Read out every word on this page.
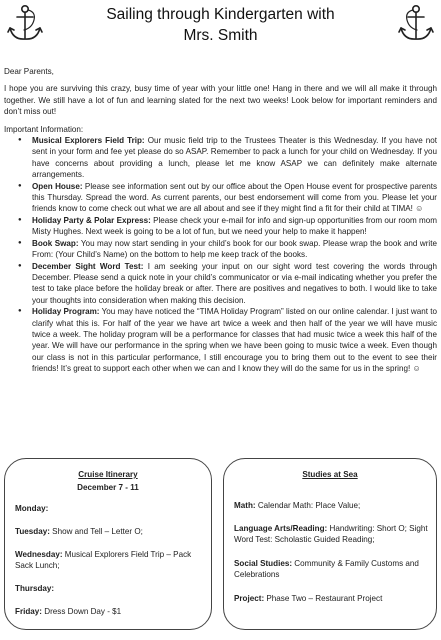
Sailing through Kindergarten with
Mrs. Smith

Dear Parents,

I hope you are surviving this crazy, busy time of year with your little one! Hang in there and we will all make it through together. We still have a lot of fun and learning slated for the next two weeks! Look below for important reminders and don’t miss out!

Important Information:

● Musical Explorers Field Trip: Our music field trip to the Trustees Theater is this Wednesday. If you have not sent in your form and fee yet please do so ASAP. Remember to pack a lunch for your child on Wednesday. If you have concerns about providing a lunch, please let me know ASAP we can definitely make alternate arrangements.
● Open House: Please see information sent out by our office about the Open House event for prospective parents this Thursday. Spread the word. As current parents, our best endorsement will come from you. Please let your friends know to come check out what we are all about and see if they might find a fit for their child at TIMA! ☺
● Holiday Party & Polar Express: Please check your e-mail for info and sign-up opportunities from our room mom Misty Hughes. Next week is going to be a lot of fun, but we need your help to make it happen!
● Book Swap: You may now start sending in your child’s book for our book swap. Please wrap the book and write From: (Your Child’s Name) on the bottom to help me keep track of the books.
● December Sight Word Test: I am seeking your input on our sight word test covering the words through December. Please send a quick note in your child’s communicator or via e-mail indicating whether you prefer the test to take place before the holiday break or after. There are positives and negatives to both. I would like to take your thoughts into consideration when making this decision.
● Holiday Program: You may have noticed the “TIMA Holiday Program” listed on our online calendar. I just want to clarify what this is. For half of the year we have art twice a week and then half of the year we will have music twice a week. The holiday program will be a performance for classes that had music twice a week this half of the year. We will have our performance in the spring when we have been going to music twice a week. Even though our class is not in this particular performance, I still encourage you to bring them out to the event to see their friends! It’s great to support each other when we can and I know they will do the same for us in the spring! ☺
Cruise Itinerary
December 7 - 11
Monday:
Tuesday: Show and Tell – Letter O;
Wednesday: Musical Explorers Field Trip – Pack Sack Lunch;
Thursday:
Friday: Dress Down Day - $1
Studies at Sea
Math: Calendar Math: Place Value;
Language Arts/Reading: Handwriting: Short O; Sight Word Test: Scholastic Guided Reading;
Social Studies: Community & Family Customs and Celebrations
Project: Phase Two – Restaurant Project
